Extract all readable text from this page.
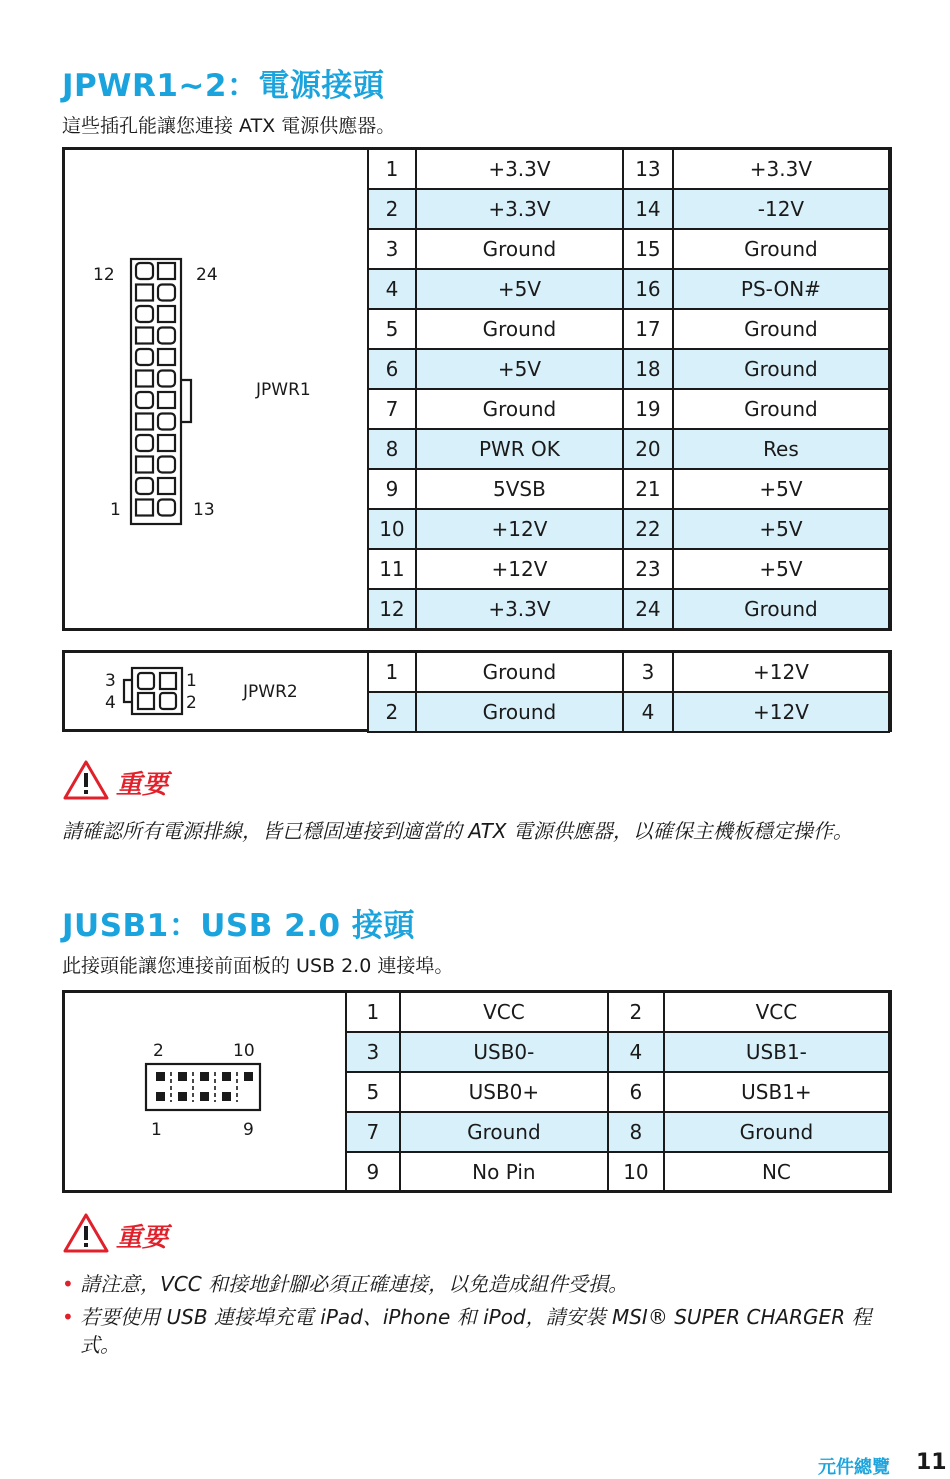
JPWR1~2：電源接頭
這些插孔能讓您連接 ATX 電源供應器。
12	24
1	13
JPWR1
1	+3.3V	13	+3.3V
2	+3.3V	14	-12V
3	Ground	15	Ground
4	+5V	16	PS-ON#
5	Ground	17	Ground
6	+5V	18	Ground
7	Ground	19	Ground
8	PWR OK	20	Res
9	5VSB	21	+5V
10	+12V	22	+5V
11	+12V	23	+5V
12	+3.3V	24	Ground
3
4
1
2
JPWR2
1	Ground	3	+12V
2	Ground	4	+12V
重要
請確認所有電源排線，皆已穩固連接到適當的 ATX 電源供應器，以確保主機板穩定操作。
JUSB1：USB 2.0 接頭
此接頭能讓您連接前面板的 USB 2.0 連接埠。
2	10
1	9
1	VCC	2	VCC
3	USB0-	4	USB1-
5	USB0+	6	USB1+
7	Ground	8	Ground
9	No Pin	10	NC
重要
• 請注意，VCC 和接地針腳必須正確連接，以免造成組件受損。
• 若要使用 USB 連接埠充電 iPad、iPhone 和 iPod，請安裝 MSI® SUPER CHARGER 程
式。
元件總覽 11
